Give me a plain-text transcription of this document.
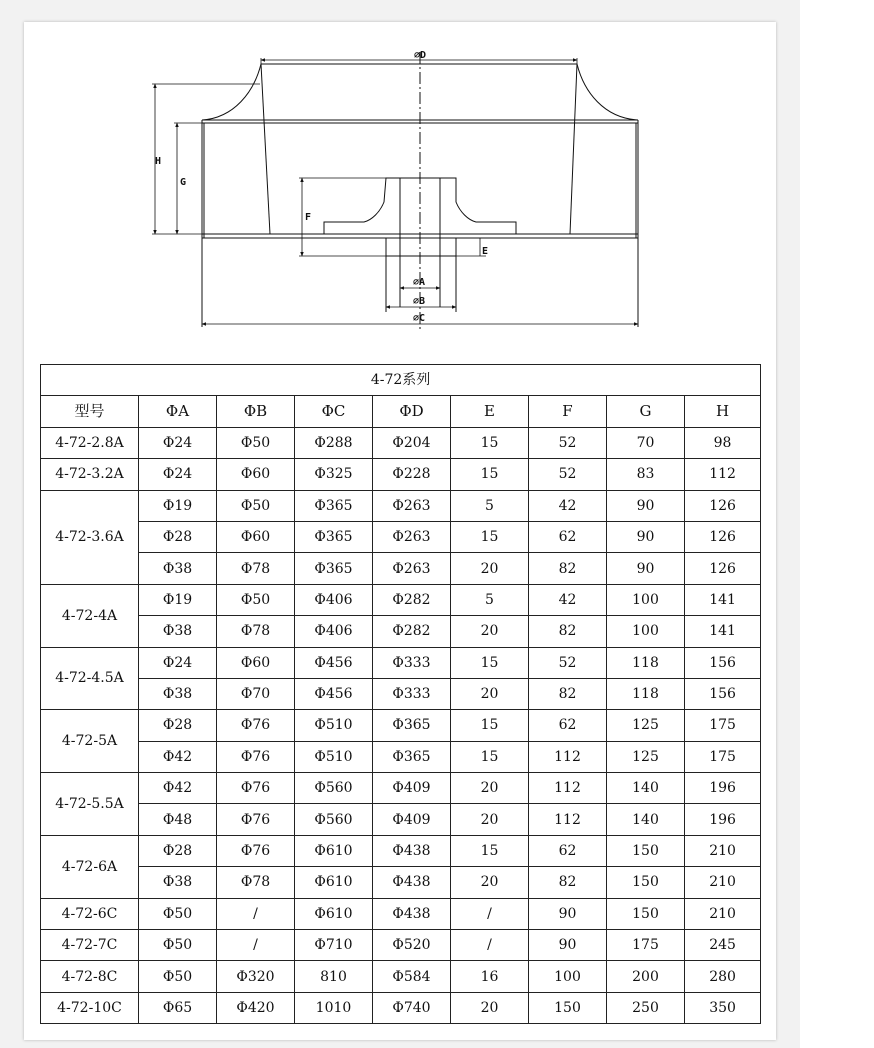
⌀D
H
G
F
E
⌀A
⌀B
⌀C
4-72系列								
型号	ΦA	ΦB	ΦC	ΦD	E	F	G	H
4-72-2.8A	Φ24	Φ50	Φ288	Φ204	15	52	70	98
4-72-3.2A	Φ24	Φ60	Φ325	Φ228	15	52	83	112
4-72-3.6A	Φ19	Φ50	Φ365	Φ263	5	42	90	126
	Φ28	Φ60	Φ365	Φ263	15	62	90	126
	Φ38	Φ78	Φ365	Φ263	20	82	90	126
4-72-4A	Φ19	Φ50	Φ406	Φ282	5	42	100	141
	Φ38	Φ78	Φ406	Φ282	20	82	100	141
4-72-4.5A	Φ24	Φ60	Φ456	Φ333	15	52	118	156
	Φ38	Φ70	Φ456	Φ333	20	82	118	156
4-72-5A	Φ28	Φ76	Φ510	Φ365	15	62	125	175
	Φ42	Φ76	Φ510	Φ365	15	112	125	175
4-72-5.5A	Φ42	Φ76	Φ560	Φ409	20	112	140	196
	Φ48	Φ76	Φ560	Φ409	20	112	140	196
4-72-6A	Φ28	Φ76	Φ610	Φ438	15	62	150	210
	Φ38	Φ78	Φ610	Φ438	20	82	150	210
4-72-6C	Φ50	/	Φ610	Φ438	/	90	150	210
4-72-7C	Φ50	/	Φ710	Φ520	/	90	175	245
4-72-8C	Φ50	Φ320	810	Φ584	16	100	200	280
4-72-10C	Φ65	Φ420	1010	Φ740	20	150	250	350
